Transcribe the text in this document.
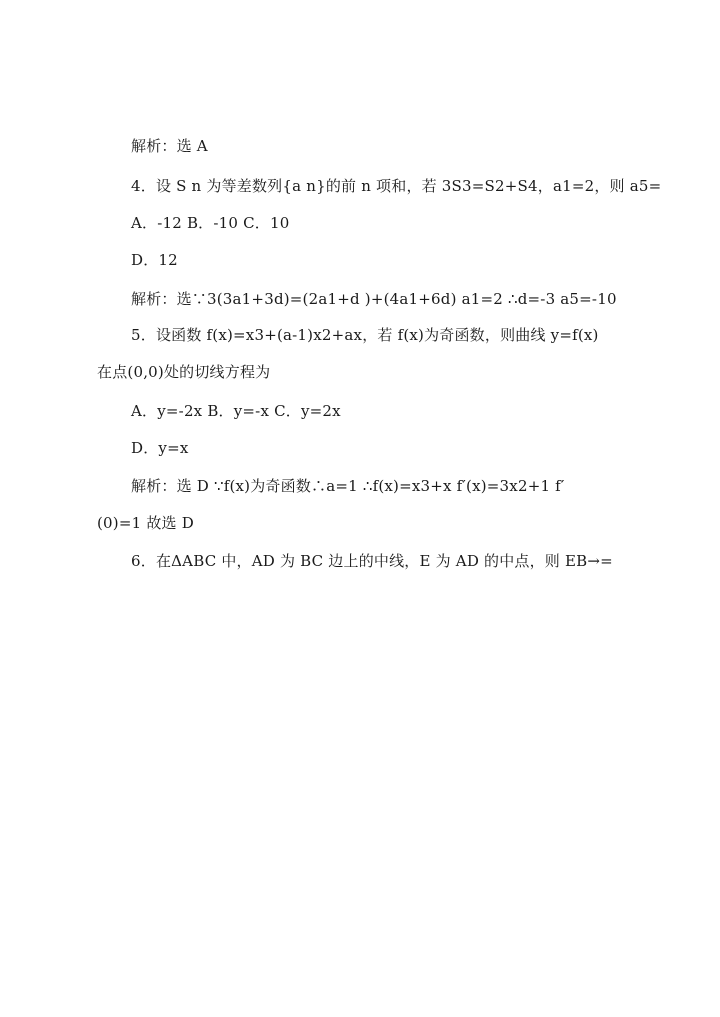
解析：选 A
4．设 S n 为等差数列{a n}的前 n 项和，若 3S3=S2+S4，a1=2，则 a5=
A．-12 B．-10 C．10
D．12
解析：选∵3(3a1+3d)=(2a1+d )+(4a1+6d) a1=2 ∴d=-3 a5=-10
5．设函数 f(x)=x3+(a-1)x2+ax，若 f(x)为奇函数，则曲线 y=f(x)
在点(0,0)处的切线方程为
A．y=-2x B．y=-x C．y=2x
D．y=x
解析：选 D ∵f(x)为奇函数∴a=1 ∴f(x)=x3+x f′(x)=3x2+1 f′
(0)=1 故选 D
6．在ΔABC 中，AD 为 BC 边上的中线，E 为 AD 的中点，则 EB→=
